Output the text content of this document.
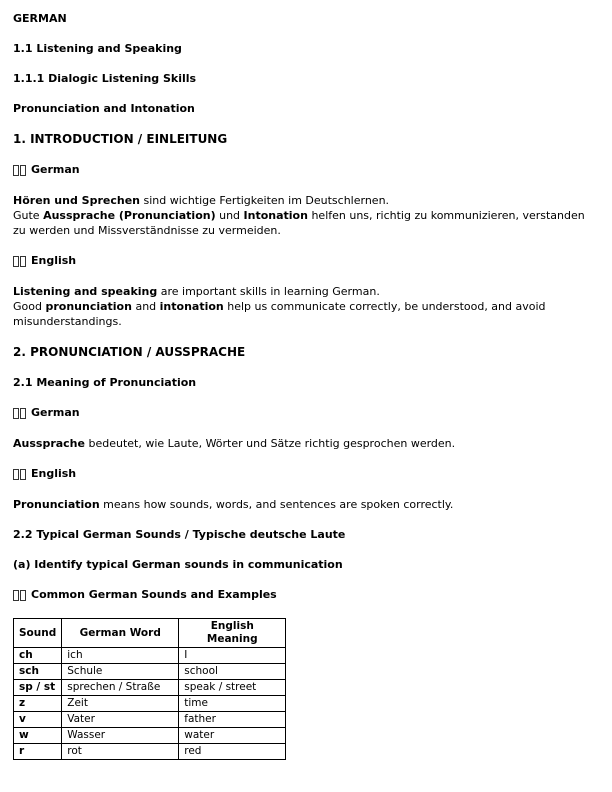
GERMAN
1.1 Listening and Speaking
1.1.1 Dialogic Listening Skills
Pronunciation and Intonation
1. INTRODUCTION / EINLEITUNG
German
Hören und Sprechen sind wichtige Fertigkeiten im Deutschlernen.
Gute Aussprache (Pronunciation) und Intonation helfen uns, richtig zu kommunizieren, verstanden zu werden und Missverständnisse zu vermeiden.
English
Listening and speaking are important skills in learning German.
Good pronunciation and intonation help us communicate correctly, be understood, and avoid misunderstandings.
2. PRONUNCIATION / AUSSPRACHE
2.1 Meaning of Pronunciation
German
Aussprache bedeutet, wie Laute, Wörter und Sätze richtig gesprochen werden.
English
Pronunciation means how sounds, words, and sentences are spoken correctly.
2.2 Typical German Sounds / Typische deutsche Laute
(a) Identify typical German sounds in communication
Common German Sounds and Examples
Sound	German Word	English Meaning
ch	ich	I
sch	Schule	school
sp / st	sprechen / Straße	speak / street
z	Zeit	time
v	Vater	father
w	Wasser	water
r	rot	red
